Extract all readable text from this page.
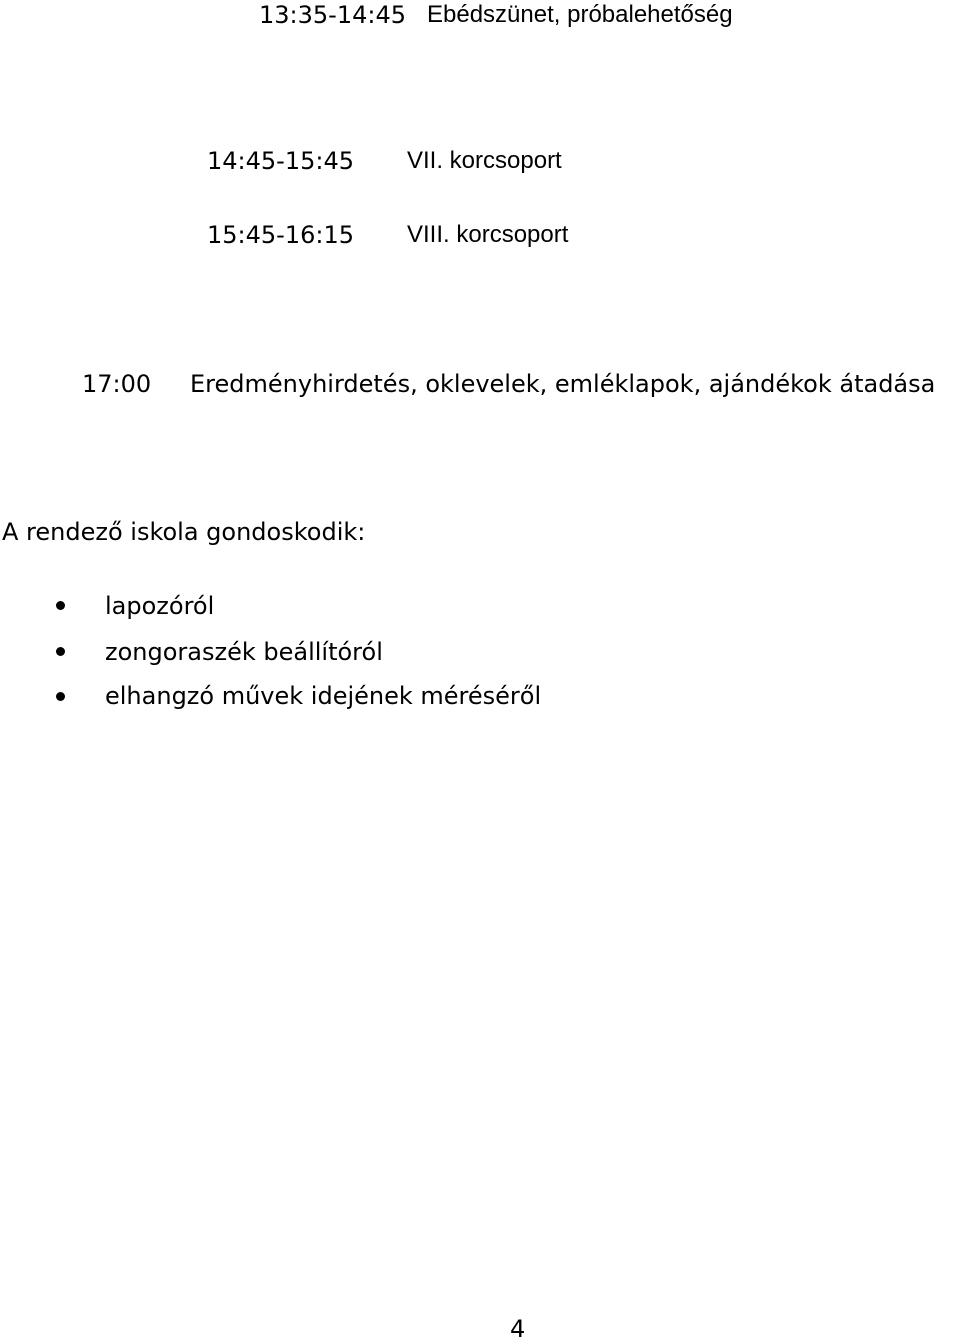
13:35-14:45 Ebédszünet, próbalehetőség
14:45-15:45 VII. korcsoport
15:45-16:15 VIII. korcsoport
17:00 Eredményhirdetés, oklevelek, emléklapok, ajándékok átadása
A rendező iskola gondoskodik:
lapozóról
zongoraszék beállítóról
elhangzó művek idejének méréséről
4
